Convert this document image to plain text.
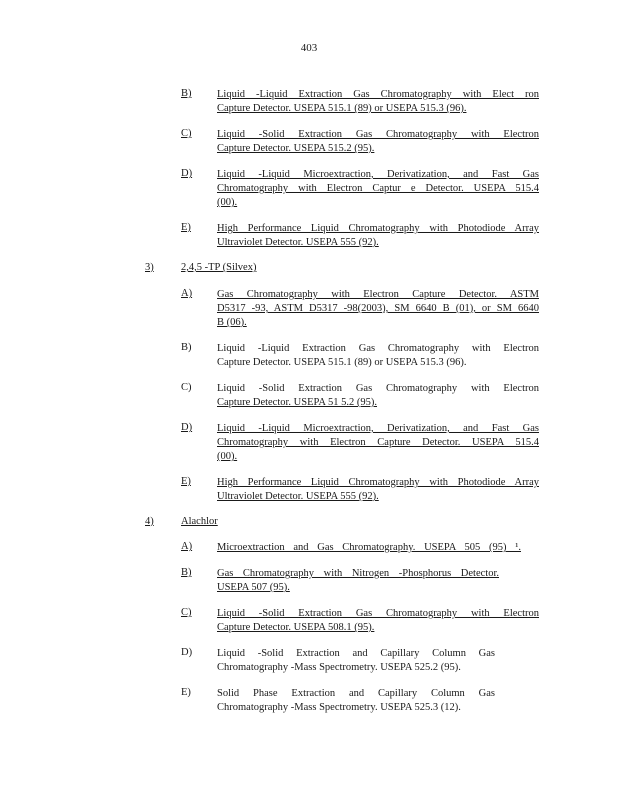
403
B) Liquid -Liquid Extraction Gas Chromatography with Elect ron
Capture Detector. USEPA 515.1 (89) or USEPA 515.3 (96).
C) Liquid -Solid Extraction Gas Chromatography with Electron
Capture Detector. USEPA 515.2 (95).
D) Liquid -Liquid Microextraction, Derivatization, and Fast Gas
Chromatography with Electron Captur e Detector. USEPA 515.4
(00).
E) High Performance Liquid Chromatography with Photodiode Array
Ultraviolet Detector. USEPA 555 (92).
3)	2,4,5 -TP (Silvex)
A) Gas Chromatography with Electron Capture Detector. ASTM
D5317 -93, ASTM D5317 -98(2003), SM 6640 B (01), or SM 6640
B (06).
B) Liquid -Liquid Extraction Gas Chromatography with Electron
Capture Detector. USEPA 515.1 (89) or USEPA 515.3 (96).
C) Liquid -Solid Extraction Gas Chromatography with Electron
Capture Detector. USEPA 51 5.2 (95).
D) Liquid -Liquid Microextraction, Derivatization, and Fast Gas
Chromatography with Electron Capture Detector. USEPA 515.4
(00).
E) High Performance Liquid Chromatography with Photodiode Array
Ultraviolet Detector. USEPA 555 (92).
4)	Alachlor
A) Microextraction and Gas Chromatography. USEPA 505 (95) ¹.
B) Gas Chromatography with Nitrogen -Phosphorus Detector.
USEPA 507 (95).
C) Liquid -Solid Extraction Gas Chromatography with Electron
Capture Detector. USEPA 508.1 (95).
D) Liquid -Solid Extraction and Capillary Column Gas
Chromatography -Mass Spectrometry. USEPA 525.2 (95).
E) Solid Phase Extraction and Capillary Column Gas
Chromatography -Mass Spectrometry. USEPA 525.3 (12).
